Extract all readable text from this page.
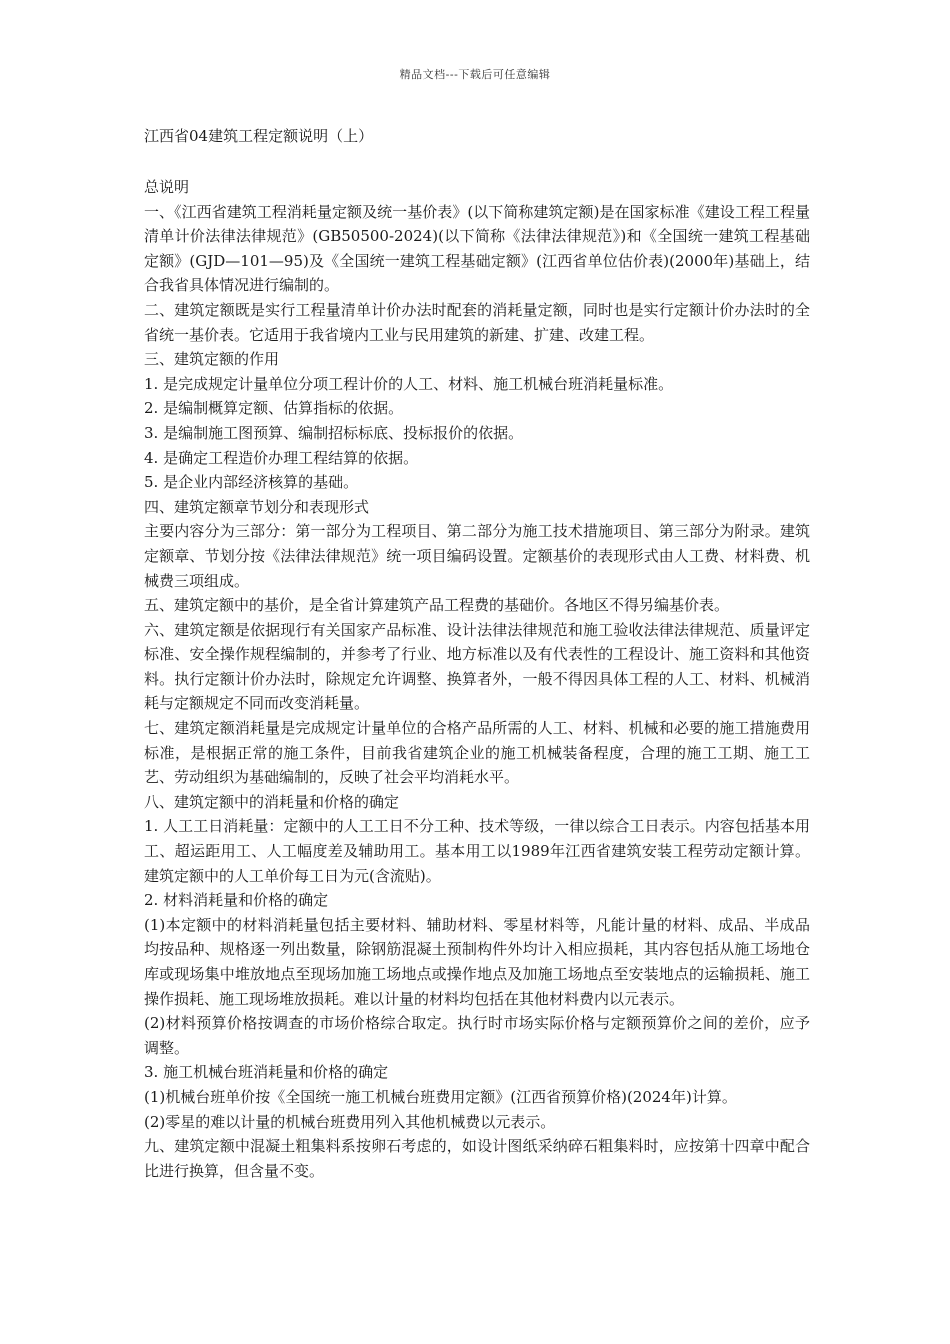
精品文档---下载后可任意编辑
江西省04建筑工程定额说明（上）

总说明

一、《江西省建筑工程消耗量定额及统一基价表》(以下简称建筑定额)是在国家标准《建设工程工程量清单计价法律法律规范》(GB50500-2024)(以下简称《法律法律规范》)和《全国统一建筑工程基础定额》(GJD—101—95)及《全国统一建筑工程基础定额》(江西省单位估价表)(2000年)基础上，结合我省具体情况进行编制的。

二、建筑定额既是实行工程量清单计价办法时配套的消耗量定额，同时也是实行定额计价办法时的全省统一基价表。它适用于我省境内工业与民用建筑的新建、扩建、改建工程。

三、建筑定额的作用

1. 是完成规定计量单位分项工程计价的人工、材料、施工机械台班消耗量标准。

2. 是编制概算定额、估算指标的依据。

3. 是编制施工图预算、编制招标标底、投标报价的依据。

4. 是确定工程造价办理工程结算的依据。

5. 是企业内部经济核算的基础。

四、建筑定额章节划分和表现形式

主要内容分为三部分：第一部分为工程项目、第二部分为施工技术措施项目、第三部分为附录。建筑定额章、节划分按《法律法律规范》统一项目编码设置。定额基价的表现形式由人工费、材料费、机械费三项组成。

五、建筑定额中的基价，是全省计算建筑产品工程费的基础价。各地区不得另编基价表。

六、建筑定额是依据现行有关国家产品标准、设计法律法律规范和施工验收法律法律规范、质量评定标准、安全操作规程编制的，并参考了行业、地方标准以及有代表性的工程设计、施工资料和其他资料。执行定额计价办法时，除规定允许调整、换算者外，一般不得因具体工程的人工、材料、机械消耗与定额规定不同而改变消耗量。

七、建筑定额消耗量是完成规定计量单位的合格产品所需的人工、材料、机械和必要的施工措施费用标准，是根据正常的施工条件，目前我省建筑企业的施工机械装备程度，合理的施工工期、施工工艺、劳动组织为基础编制的，反映了社会平均消耗水平。

八、建筑定额中的消耗量和价格的确定

1. 人工工日消耗量：定额中的人工工日不分工种、技术等级，一律以综合工日表示。内容包括基本用工、超运距用工、人工幅度差及辅助用工。基本用工以1989年江西省建筑安装工程劳动定额计算。建筑定额中的人工单价每工日为元(含流贴)。

2. 材料消耗量和价格的确定

(1)本定额中的材料消耗量包括主要材料、辅助材料、零星材料等，凡能计量的材料、成品、半成品均按品种、规格逐一列出数量，除钢筋混凝土预制构件外均计入相应损耗，其内容包括从施工场地仓库或现场集中堆放地点至现场加施工场地点或操作地点及加施工场地点至安装地点的运输损耗、施工操作损耗、施工现场堆放损耗。难以计量的材料均包括在其他材料费内以元表示。

(2)材料预算价格按调查的市场价格综合取定。执行时市场实际价格与定额预算价之间的差价，应予调整。

3. 施工机械台班消耗量和价格的确定

(1)机械台班单价按《全国统一施工机械台班费用定额》(江西省预算价格)(2024年)计算。

(2)零星的难以计量的机械台班费用列入其他机械费以元表示。

九、建筑定额中混凝土粗集料系按卵石考虑的，如设计图纸采纳碎石粗集料时，应按第十四章中配合比进行换算，但含量不变。
